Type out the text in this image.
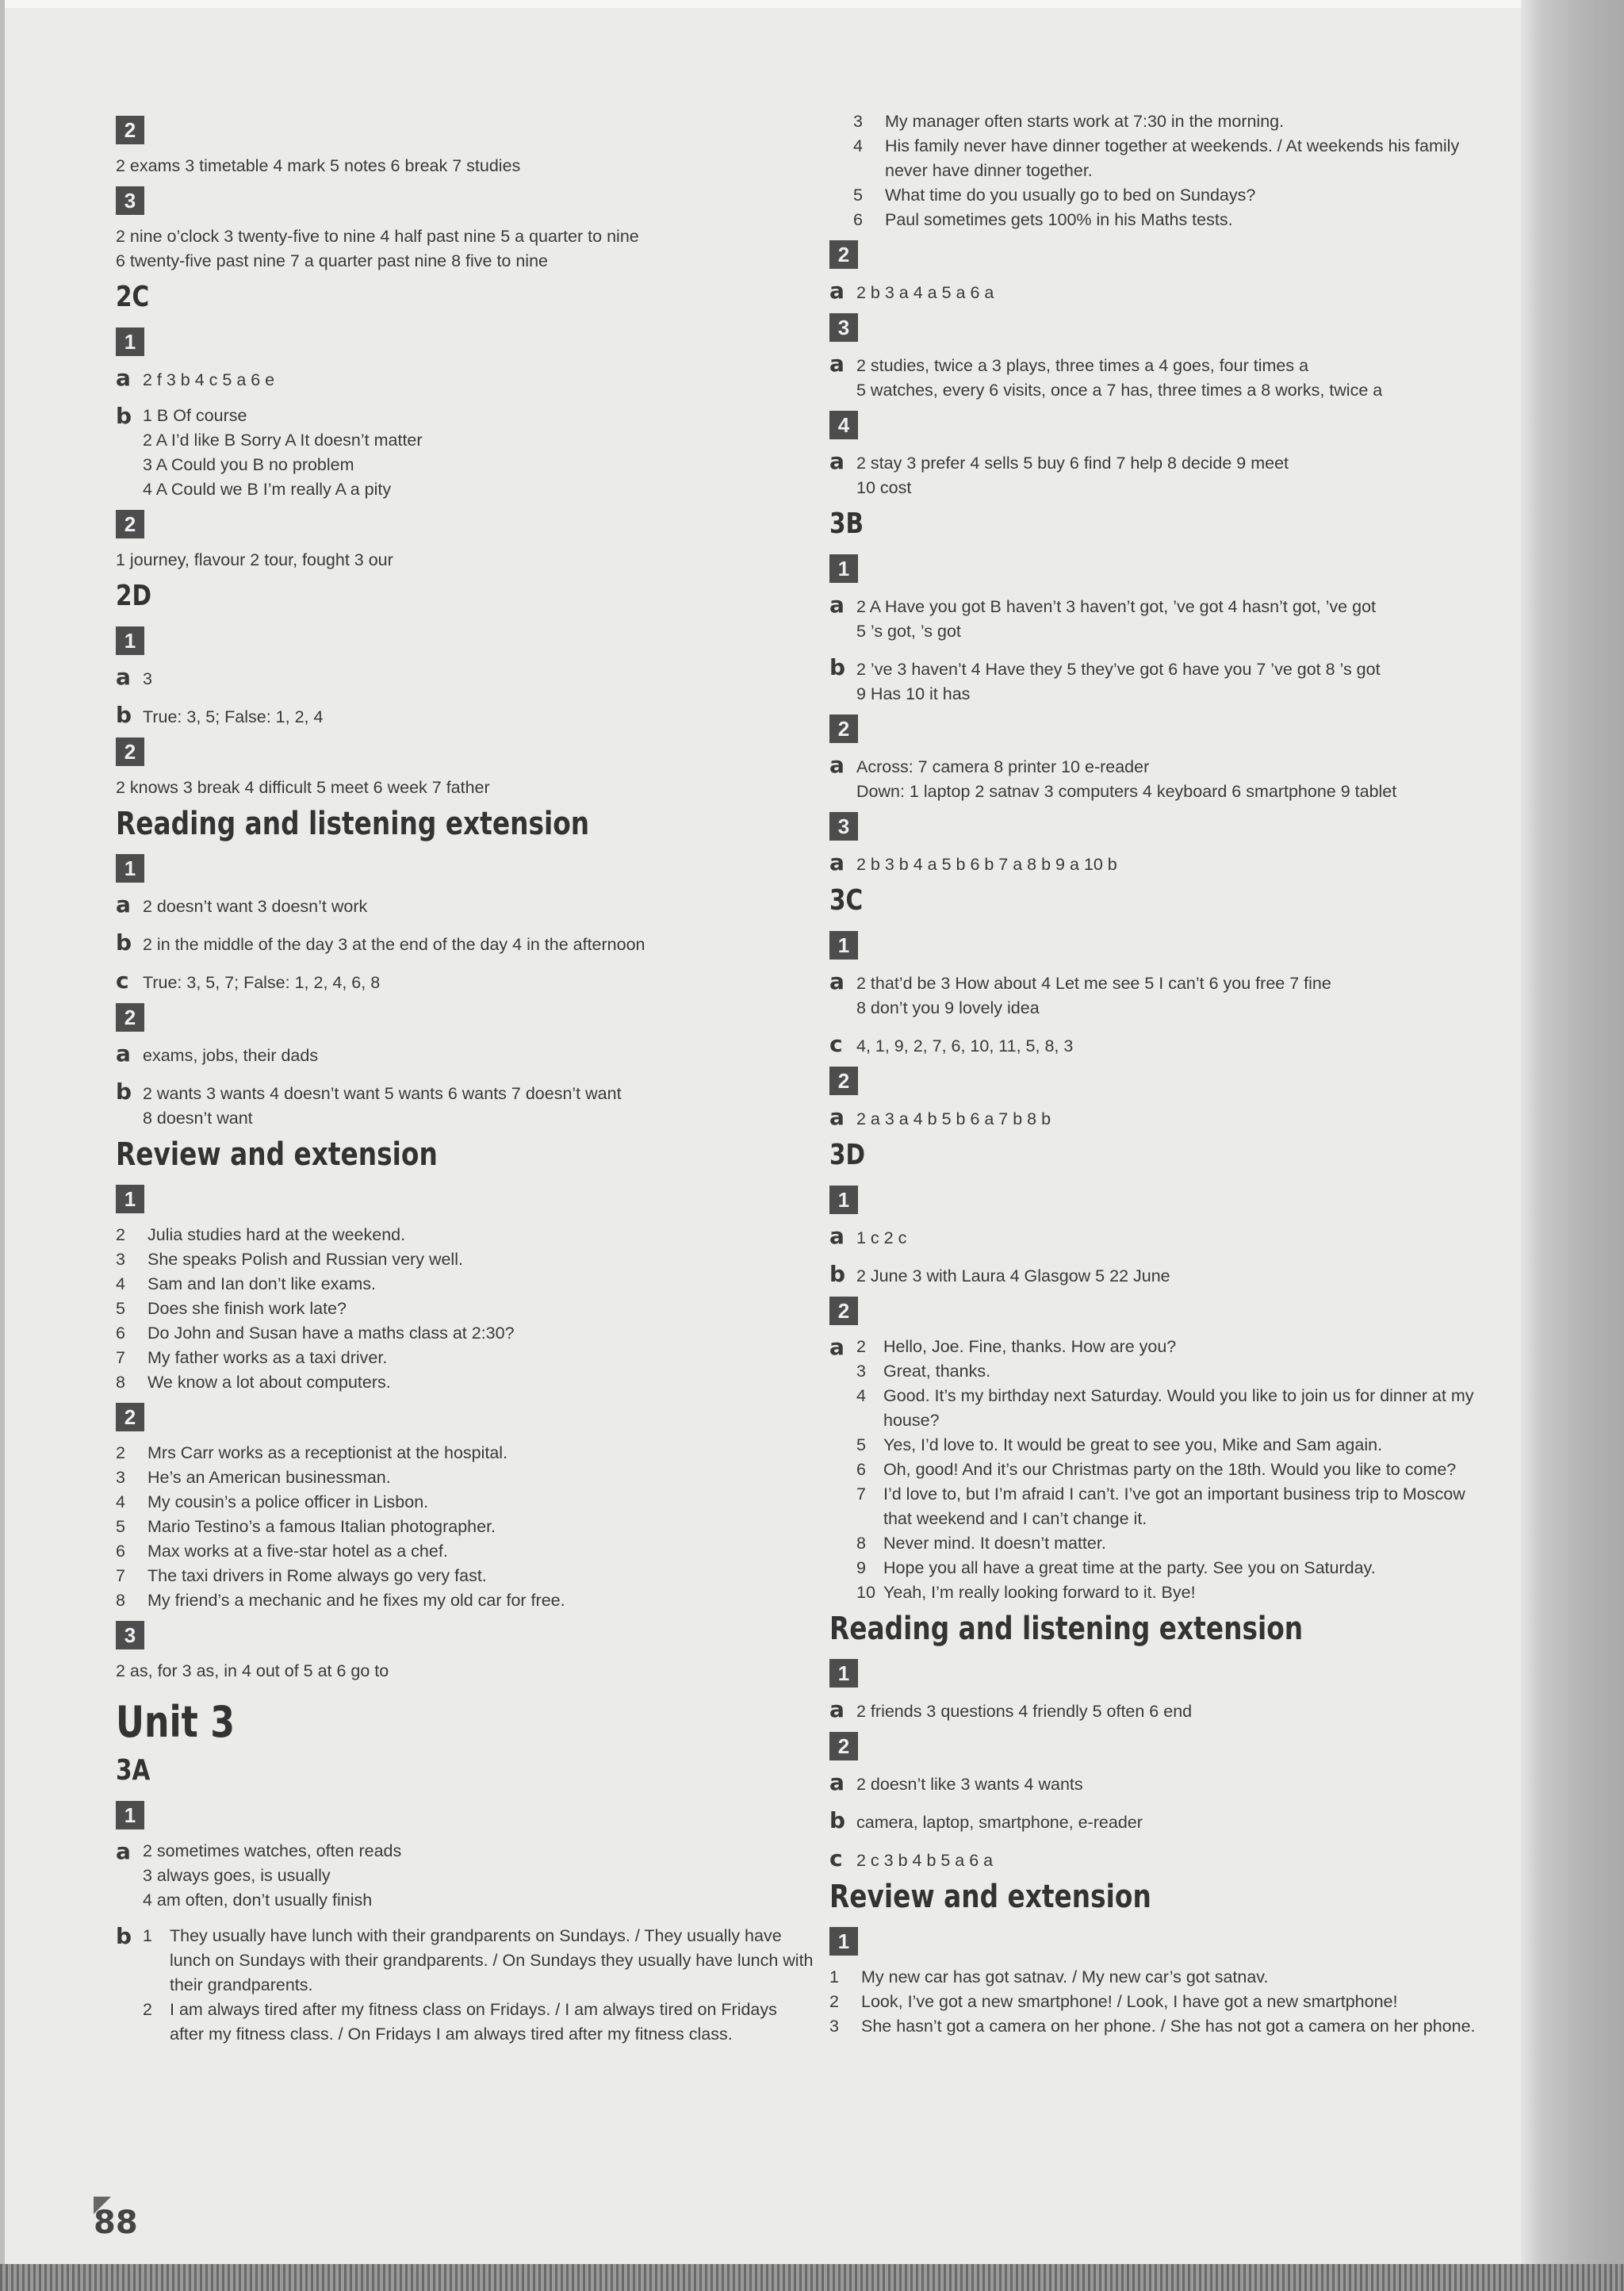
2
2 exams 3 timetable 4 mark 5 notes 6 break 7 studies
3
2 nine o’clock 3 twenty-five to nine 4 half past nine 5 a quarter to nine
6 twenty-five past nine 7 a quarter past nine 8 five to nine
2C
1
a 2 f 3 b 4 c 5 a 6 e
b 1 B Of course
2 A I’d like B Sorry A It doesn’t matter
3 A Could you B no problem
4 A Could we B I’m really A a pity
2
1 journey, flavour 2 tour, fought 3 our
2D
1
a 3
b True: 3, 5; False: 1, 2, 4
2
2 knows 3 break 4 difficult 5 meet 6 week 7 father
Reading and listening extension
1
a 2 doesn’t want 3 doesn’t work
b 2 in the middle of the day 3 at the end of the day 4 in the afternoon
c True: 3, 5, 7; False: 1, 2, 4, 6, 8
2
a exams, jobs, their dads
b 2 wants 3 wants 4 doesn’t want 5 wants 6 wants 7 doesn’t want
8 doesn’t want
Review and extension
1
2	Julia studies hard at the weekend.
3	She speaks Polish and Russian very well.
4	Sam and Ian don’t like exams.
5	Does she finish work late?
6	Do John and Susan have a maths class at 2:30?
7	My father works as a taxi driver.
8	We know a lot about computers.
2
2	Mrs Carr works as a receptionist at the hospital.
3	He’s an American businessman.
4	My cousin’s a police officer in Lisbon.
5	Mario Testino’s a famous Italian photographer.
6	Max works at a five-star hotel as a chef.
7	The taxi drivers in Rome always go very fast.
8	My friend’s a mechanic and he fixes my old car for free.
3
2 as, for 3 as, in 4 out of 5 at 6 go to
Unit 3
3A
1
a 2 sometimes watches, often reads
3 always goes, is usually
4 am often, don’t usually finish
b 1	They usually have lunch with their grandparents on Sundays. / They usually have lunch on Sundays with their grandparents. / On Sundays they usually have lunch with their grandparents.
2	I am always tired after my fitness class on Fridays. / I am always tired on Fridays after my fitness class. / On Fridays I am always tired after my fitness class.
3	My manager often starts work at 7:30 in the morning.
4	His family never have dinner together at weekends. / At weekends his family never have dinner together.
5	What time do you usually go to bed on Sundays?
6	Paul sometimes gets 100% in his Maths tests.
2
a 2 b 3 a 4 a 5 a 6 a
3
a 2 studies, twice a 3 plays, three times a 4 goes, four times a
5 watches, every 6 visits, once a 7 has, three times a 8 works, twice a
4
a 2 stay 3 prefer 4 sells 5 buy 6 find 7 help 8 decide 9 meet
10 cost
3B
1
a 2 A Have you got B haven’t 3 haven’t got, ’ve got 4 hasn’t got, ’ve got
5 ’s got, ’s got
b 2 ’ve 3 haven’t 4 Have they 5 they’ve got 6 have you 7 ’ve got 8 ’s got
9 Has 10 it has
2
a Across: 7 camera 8 printer 10 e-reader
Down: 1 laptop 2 satnav 3 computers 4 keyboard 6 smartphone 9 tablet
3
a 2 b 3 b 4 a 5 b 6 b 7 a 8 b 9 a 10 b
3C
1
a 2 that’d be 3 How about 4 Let me see 5 I can’t 6 you free 7 fine
8 don’t you 9 lovely idea
c 4, 1, 9, 2, 7, 6, 10, 11, 5, 8, 3
2
a 2 a 3 a 4 b 5 b 6 a 7 b 8 b
3D
1
a 1 c 2 c
b 2 June 3 with Laura 4 Glasgow 5 22 June
2
a 2	Hello, Joe. Fine, thanks. How are you?
3	Great, thanks.
4	Good. It’s my birthday next Saturday. Would you like to join us for dinner at my house?
5	Yes, I’d love to. It would be great to see you, Mike and Sam again.
6	Oh, good! And it’s our Christmas party on the 18th. Would you like to come?
7	I’d love to, but I’m afraid I can’t. I’ve got an important business trip to Moscow that weekend and I can’t change it.
8	Never mind. It doesn’t matter.
9	Hope you all have a great time at the party. See you on Saturday.
10 Yeah, I’m really looking forward to it. Bye!
Reading and listening extension
1
a 2 friends 3 questions 4 friendly 5 often 6 end
2
a 2 doesn’t like 3 wants 4 wants
b camera, laptop, smartphone, e-reader
c 2 c 3 b 4 b 5 a 6 a
Review and extension
1
1	My new car has got satnav. / My new car’s got satnav.
2	Look, I’ve got a new smartphone! / Look, I have got a new smartphone!
3	She hasn’t got a camera on her phone. / She has not got a camera on her phone.
88
